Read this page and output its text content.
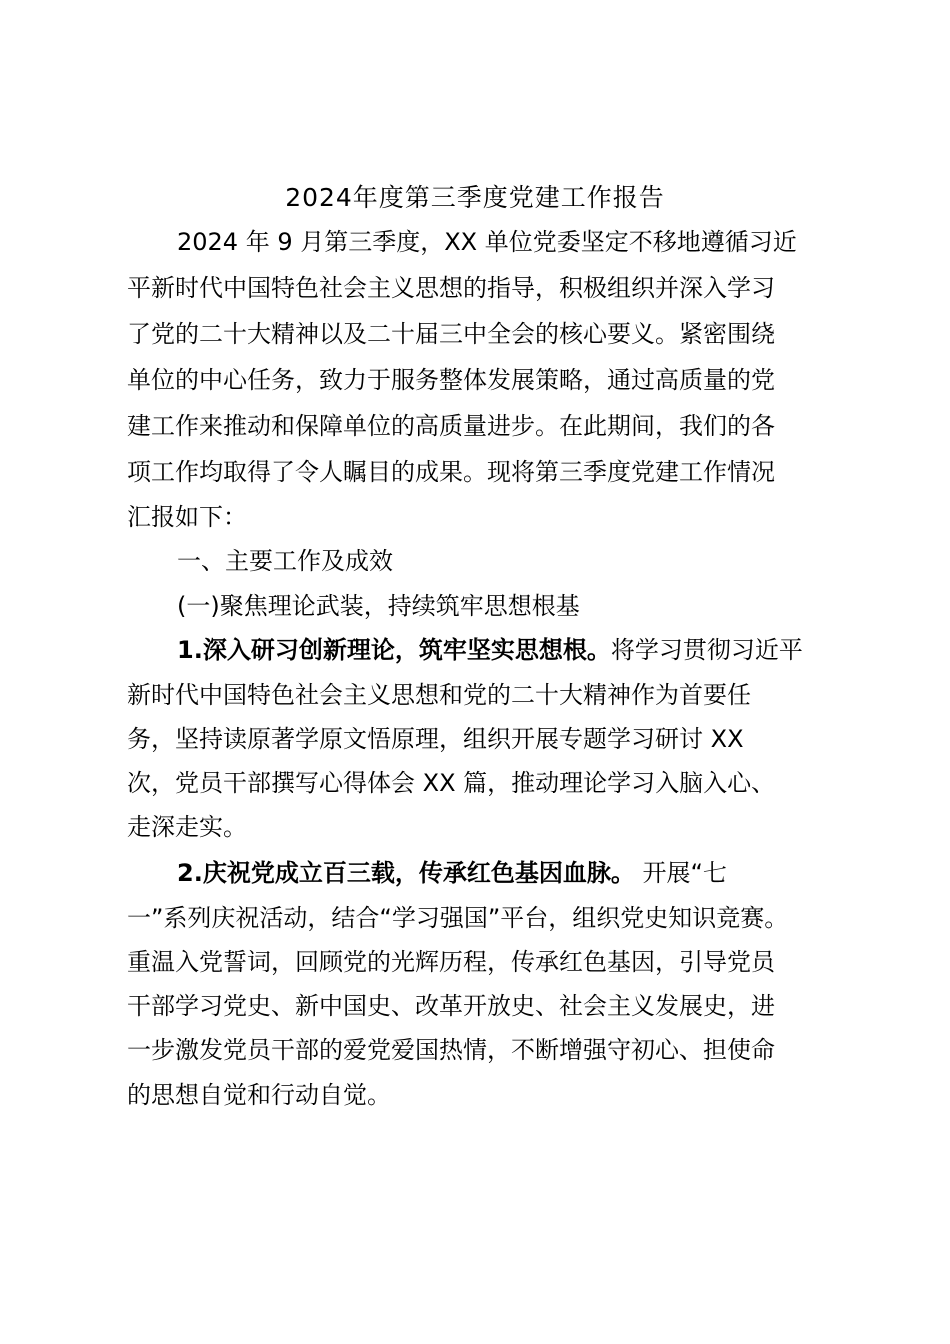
2024年度第三季度党建工作报告
2024 年 9 月第三季度，XX 单位党委坚定不移地遵循习近
平新时代中国特色社会主义思想的指导，积极组织并深入学习
了党的二十大精神以及二十届三中全会的核心要义。紧密围绕
单位的中心任务，致力于服务整体发展策略，通过高质量的党
建工作来推动和保障单位的高质量进步。在此期间，我们的各
项工作均取得了令人瞩目的成果。现将第三季度党建工作情况
汇报如下：
一、主要工作及成效
(一)聚焦理论武装，持续筑牢思想根基
1.深入研习创新理论，筑牢坚实思想根。将学习贯彻习近平
新时代中国特色社会主义思想和党的二十大精神作为首要任
务，坚持读原著学原文悟原理，组织开展专题学习研讨 XX
次，党员干部撰写心得体会 XX 篇，推动理论学习入脑入心、
走深走实。
2.庆祝党成立百三载，传承红色基因血脉。 开展“七
一”系列庆祝活动，结合“学习强国”平台，组织党史知识竞赛。
重温入党誓词，回顾党的光辉历程，传承红色基因，引导党员
干部学习党史、新中国史、改革开放史、社会主义发展史，进
一步激发党员干部的爱党爱国热情，不断增强守初心、担使命
的思想自觉和行动自觉。
